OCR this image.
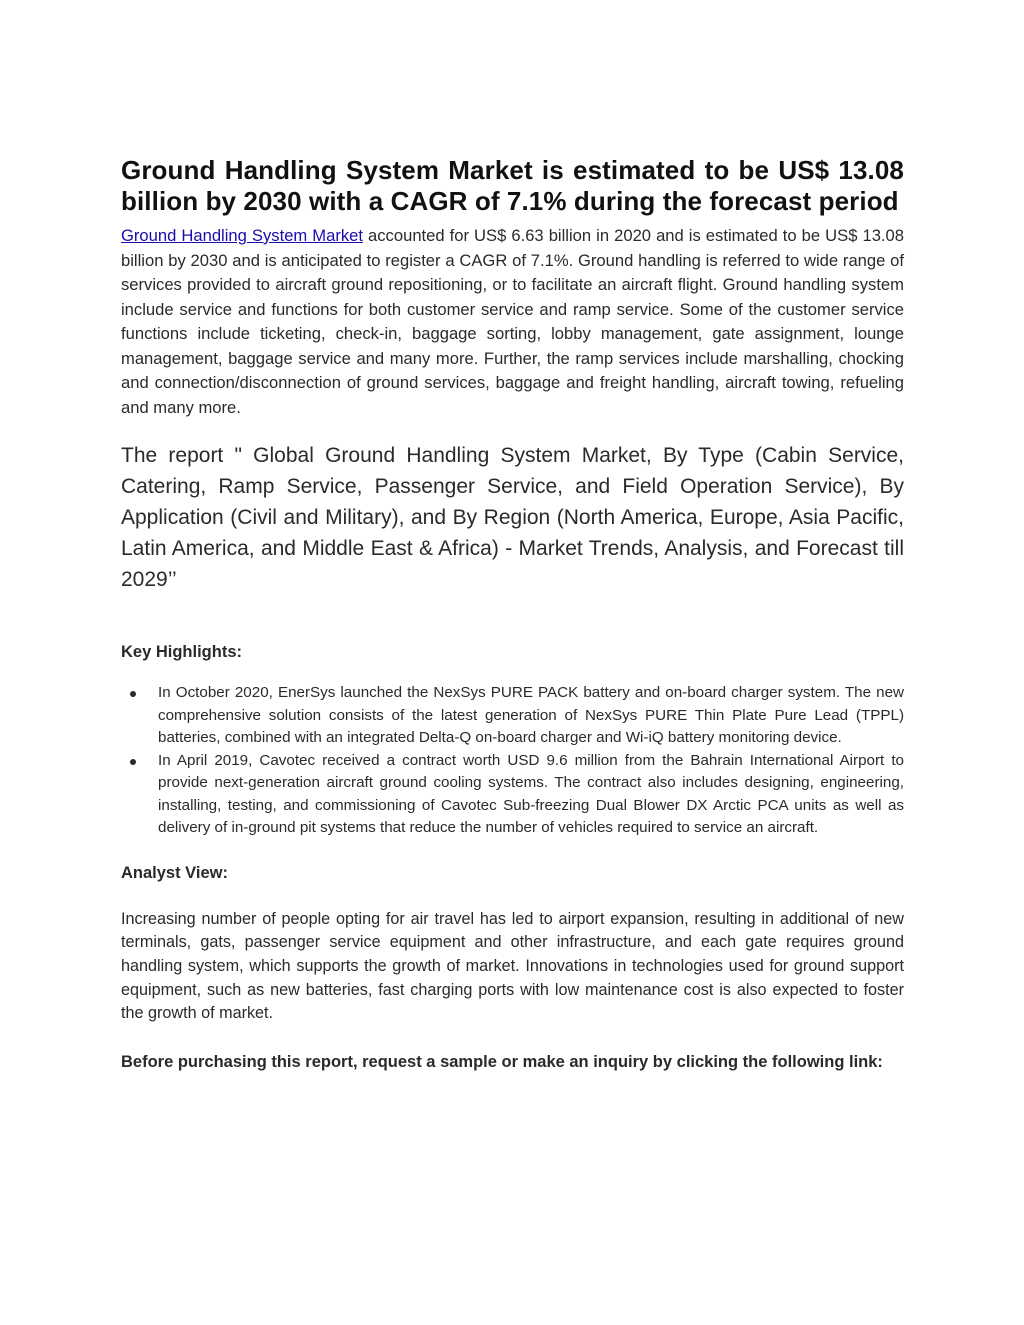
Ground Handling System Market is estimated to be US$ 13.08 billion by 2030 with a CAGR of 7.1% during the forecast period

Ground Handling System Market accounted for US$ 6.63 billion in 2020 and is estimated to be US$ 13.08 billion by 2030 and is anticipated to register a CAGR of 7.1%. Ground handling is referred to wide range of services provided to aircraft ground repositioning, or to facilitate an aircraft flight. Ground handling system include service and functions for both customer service and ramp service. Some of the customer service functions include ticketing, check-in, baggage sorting, lobby management, gate assignment, lounge management, baggage service and many more. Further, the ramp services include marshalling, chocking and connection/disconnection of ground services, baggage and freight handling, aircraft towing, refueling and many more.

The report " Global Ground Handling System Market, By Type (Cabin Service, Catering, Ramp Service, Passenger Service, and Field Operation Service), By Application (Civil and Military), and By Region (North America, Europe, Asia Pacific, Latin America, and Middle East & Africa) - Market Trends, Analysis, and Forecast till 2029’’

Key Highlights:
In October 2020, EnerSys launched the NexSys PURE PACK battery and on-board charger system. The new comprehensive solution consists of the latest generation of NexSys PURE Thin Plate Pure Lead (TPPL) batteries, combined with an integrated Delta-Q on-board charger and Wi-iQ battery monitoring device.
In April 2019, Cavotec received a contract worth USD 9.6 million from the Bahrain International Airport to provide next-generation aircraft ground cooling systems. The contract also includes designing, engineering, installing, testing, and commissioning of Cavotec Sub-freezing Dual Blower DX Arctic PCA units as well as delivery of in-ground pit systems that reduce the number of vehicles required to service an aircraft.
Analyst View:

Increasing number of people opting for air travel has led to airport expansion, resulting in additional of new terminals, gats, passenger service equipment and other infrastructure, and each gate requires ground handling system, which supports the growth of market. Innovations in technologies used for ground support equipment, such as new batteries, fast charging ports with low maintenance cost is also expected to foster the growth of market.

Before purchasing this report, request a sample or make an inquiry by clicking the following link:
